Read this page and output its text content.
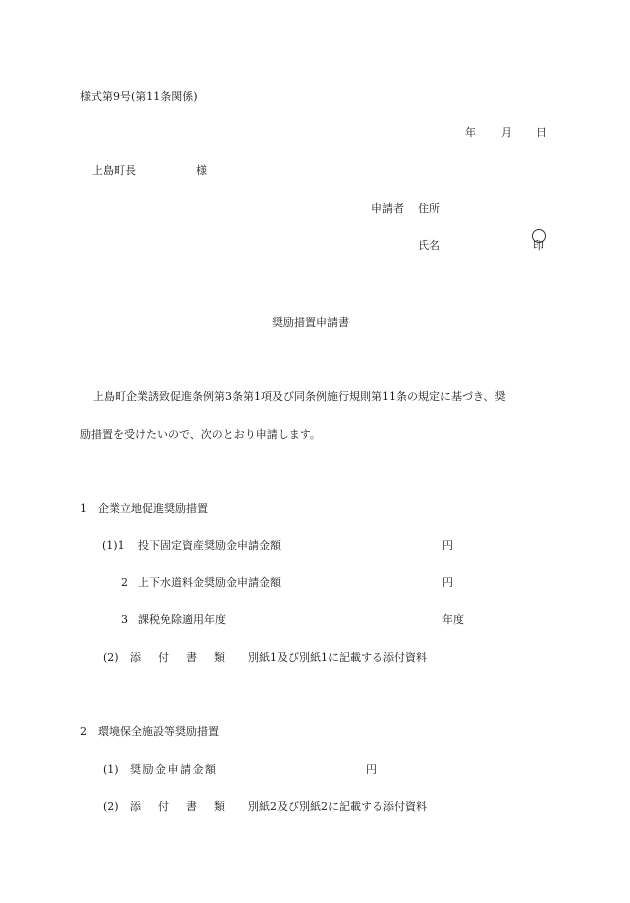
様式第9号(第11条関係)
年 月 日
上島町長	様
申請者 住所
氏名	印
奨励措置申請書
上島町企業誘致促進条例第3条第1項及び同条例施行規則第11条の規定に基づき、奨
励措置を受けたいので、次のとおり申請します。
1　企業立地促進奨励措置
(1)1 投下固定資産奨励金申請金額	円
2 上下水道料金奨励金申請金額	円
3 課税免除適用年度	年度
(2) 添 付 書 類 別紙1及び別紙1に記載する添付資料
2　環境保全施設等奨励措置
(1) 奨励金申請金額	円
(2) 添 付 書 類 別紙2及び別紙2に記載する添付資料
